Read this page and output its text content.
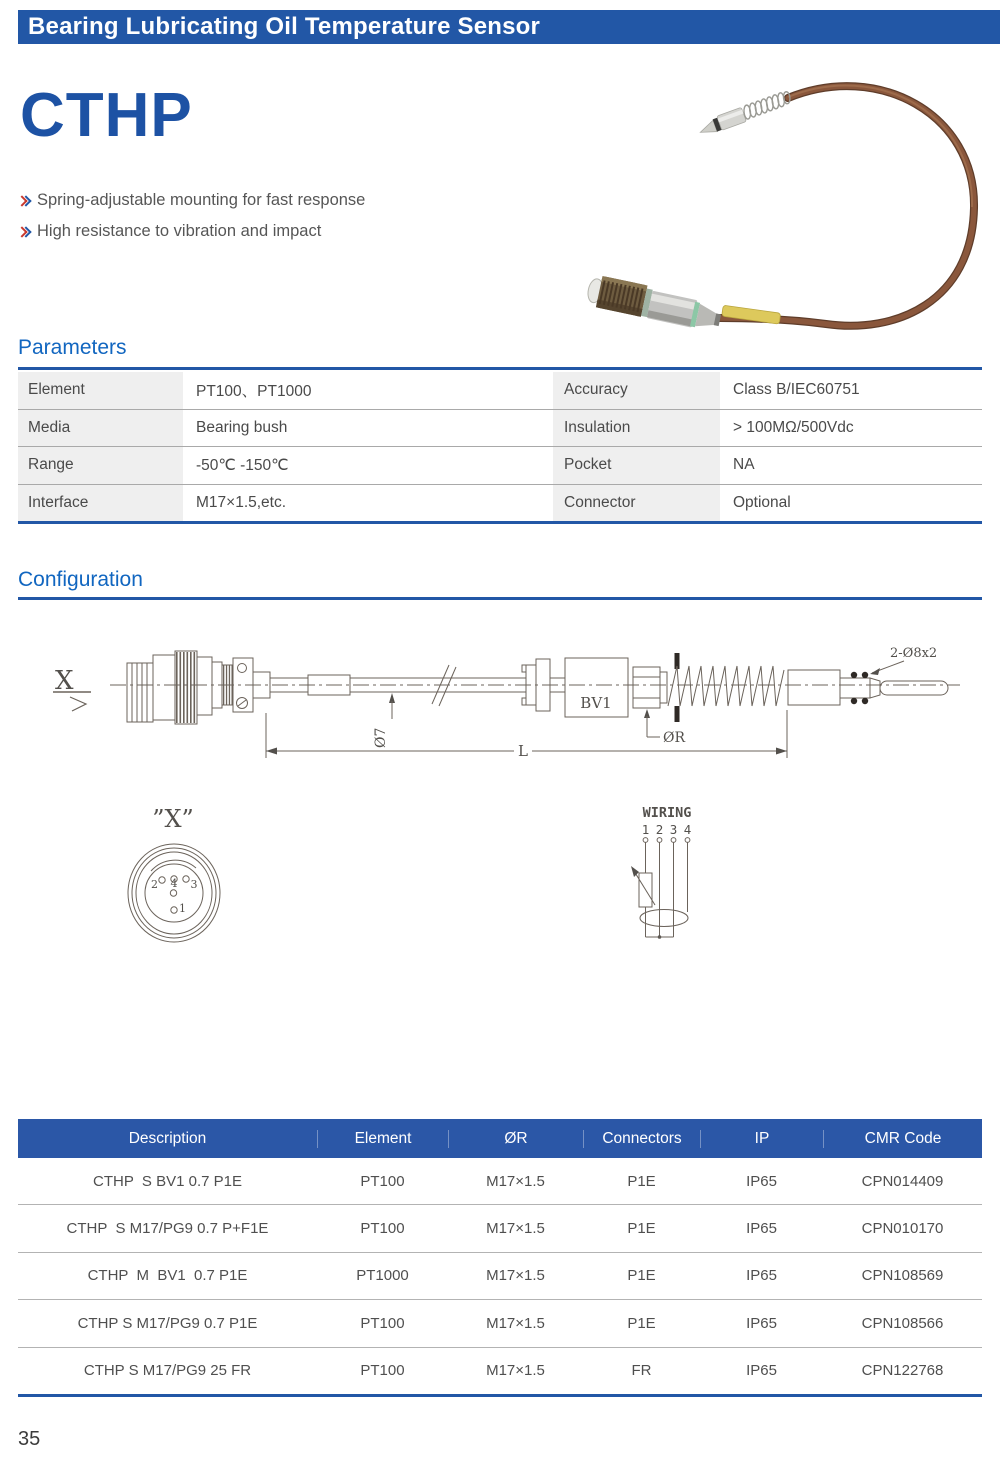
Bearing Lubricating Oil Temperature Sensor
CTHP
Spring-adjustable mounting for fast response
High resistance to vibration and impact
Parameters
Element	PT100、PT1000	Accuracy	Class B/IEC60751
Media	Bearing bush	Insulation	> 100MΩ/500Vdc
Range	-50℃ -150℃	Pocket	NA
Interface	M17×1.5,etc.	Connector	Optional
Configuration
X
Ø7
BV1
2-Ø8x2
ØR
L
”X”
2 4 3
1
WIRING
1 2 3 4
Description	Element	ØR	Connectors	IP	CMR Code
CTHP  S BV1 0.7 P1E	PT100	M17×1.5	P1E	IP65	CPN014409
CTHP  S M17/PG9 0.7 P+F1E	PT100	M17×1.5	P1E	IP65	CPN010170
CTHP  M  BV1  0.7 P1E	PT1000	M17×1.5	P1E	IP65	CPN108569
CTHP S M17/PG9 0.7 P1E	PT100	M17×1.5	P1E	IP65	CPN108566
CTHP S M17/PG9 25 FR	PT100	M17×1.5	FR	IP65	CPN122768
35
